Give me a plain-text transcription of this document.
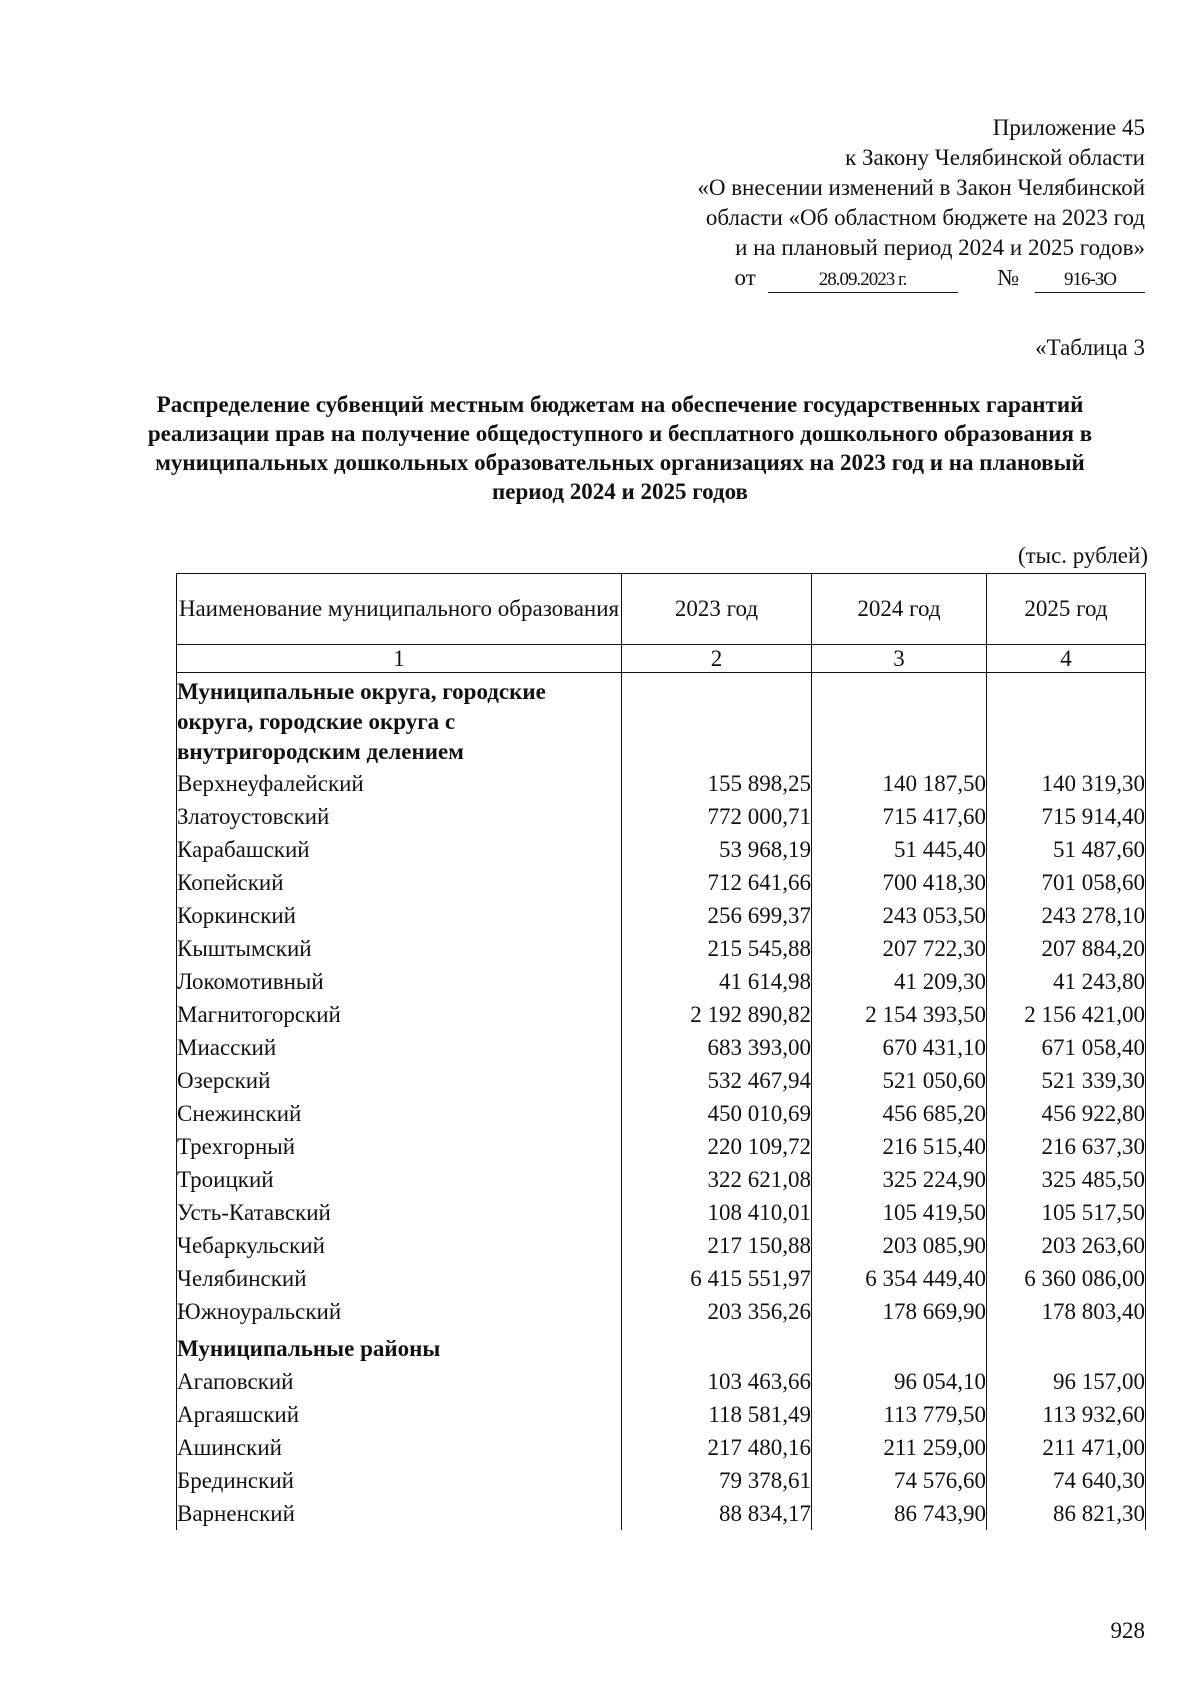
Приложение 45
к Закону Челябинской области
«О внесении изменений в Закон Челябинской
области «Об областном бюджете на 2023 год
и на плановый период 2024 и 2025 годов»
от	28.09.2023 г.	№ 916-ЗО
«Таблица 3
Распределение субвенций местным бюджетам на обеспечение государственных гарантий реализации прав на получение общедоступного и бесплатного дошкольного образования в муниципальных дошкольных образовательных организациях на 2023 год и на плановый период 2024 и 2025 годов
(тыс. рублей)
Наименование муниципального образования	2023 год	2024 год	2025 год
1	2	3	4
Муниципальные округа, городские округа, городские округа с внутригородским делением			
Верхнеуфалейский	155 898,25	140 187,50	140 319,30
Златоустовский	772 000,71	715 417,60	715 914,40
Карабашский	53 968,19	51 445,40	51 487,60
Копейский	712 641,66	700 418,30	701 058,60
Коркинский	256 699,37	243 053,50	243 278,10
Кыштымский	215 545,88	207 722,30	207 884,20
Локомотивный	41 614,98	41 209,30	41 243,80
Магнитогорский	2 192 890,82	2 154 393,50	2 156 421,00
Миасский	683 393,00	670 431,10	671 058,40
Озерский	532 467,94	521 050,60	521 339,30
Снежинский	450 010,69	456 685,20	456 922,80
Трехгорный	220 109,72	216 515,40	216 637,30
Троицкий	322 621,08	325 224,90	325 485,50
Усть-Катавский	108 410,01	105 419,50	105 517,50
Чебаркульский	217 150,88	203 085,90	203 263,60
Челябинский	6 415 551,97	6 354 449,40	6 360 086,00
Южноуральский	203 356,26	178 669,90	178 803,40
Муниципальные районы			
Агаповский	103 463,66	96 054,10	96 157,00
Аргаяшский	118 581,49	113 779,50	113 932,60
Ашинский	217 480,16	211 259,00	211 471,00
Брединский	79 378,61	74 576,60	74 640,30
Варненский	88 834,17	86 743,90	86 821,30
928
